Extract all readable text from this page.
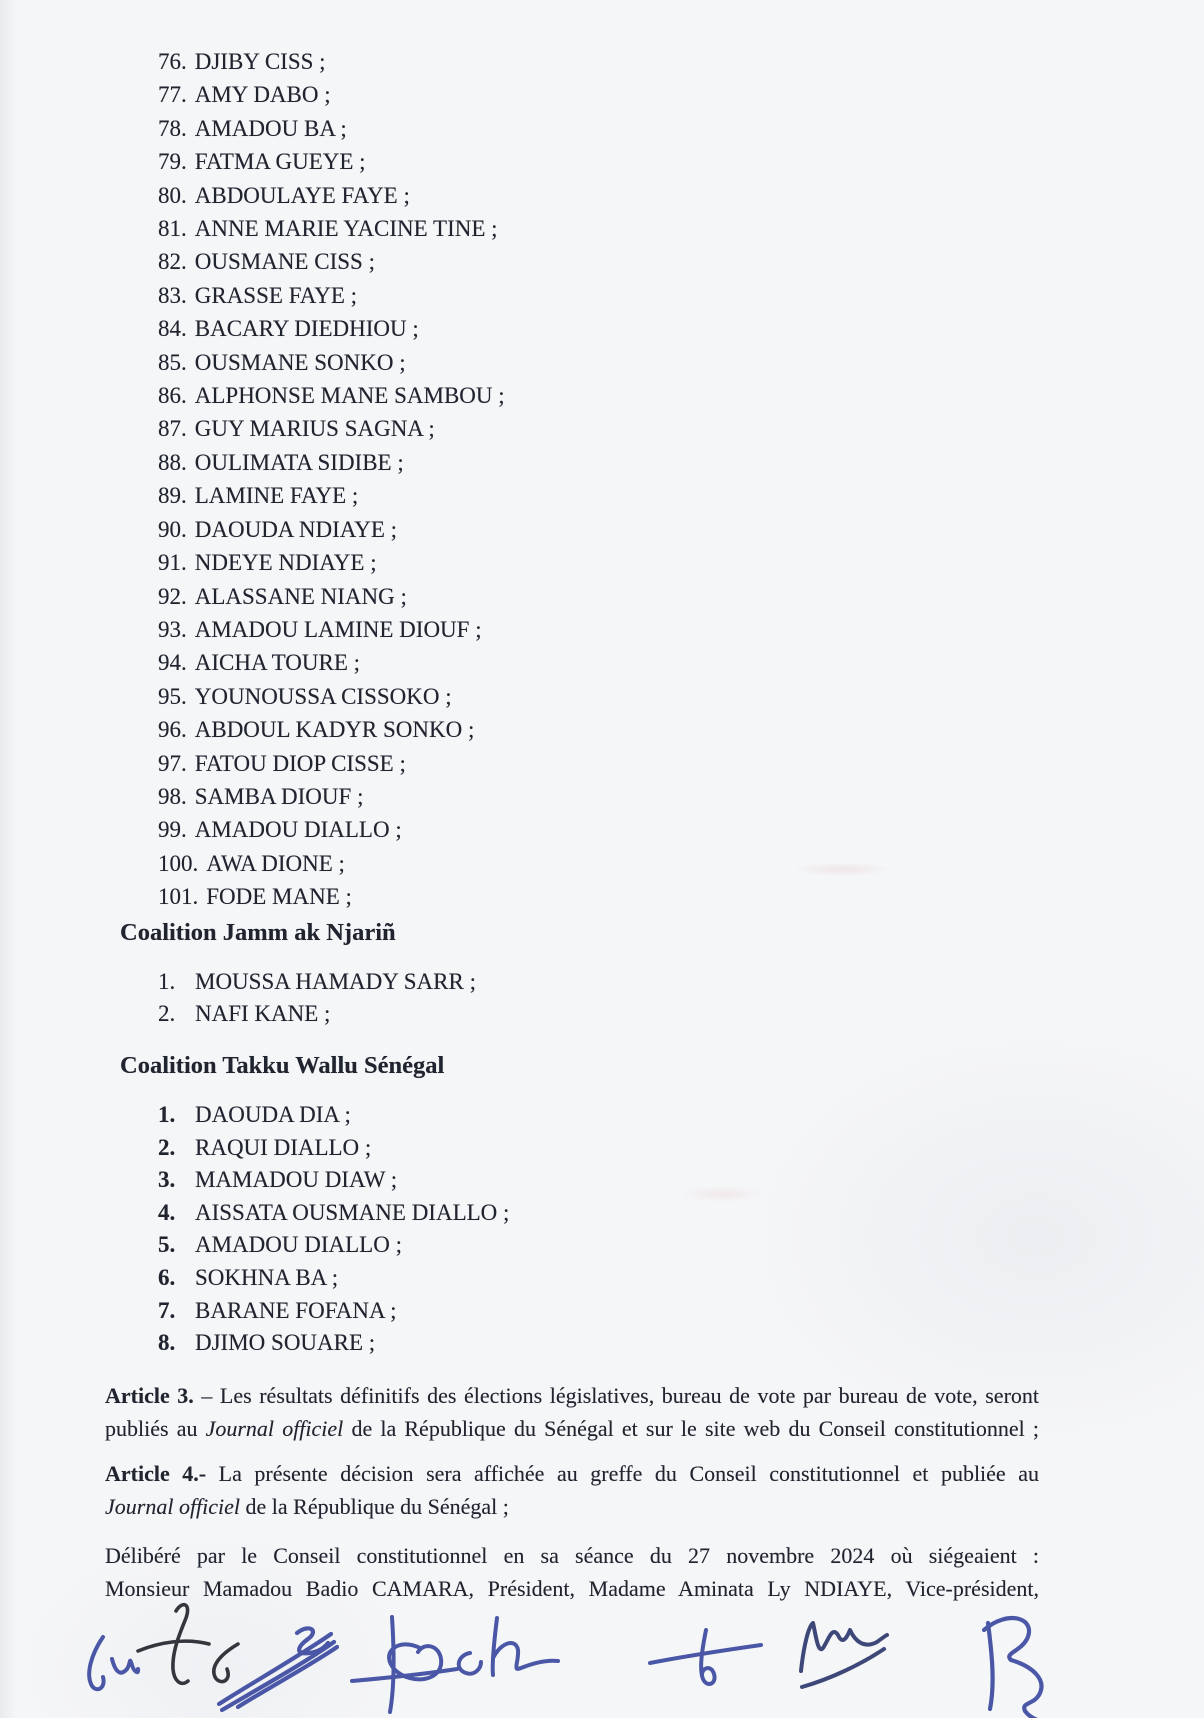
76. DJIBY CISS ;
77. AMY DABO ;
78. AMADOU BA ;
79. FATMA GUEYE ;
80. ABDOULAYE FAYE ;
81. ANNE MARIE YACINE TINE ;
82. OUSMANE CISS ;
83. GRASSE FAYE ;
84. BACARY DIEDHIOU ;
85. OUSMANE SONKO ;
86. ALPHONSE MANE SAMBOU ;
87. GUY MARIUS SAGNA ;
88. OULIMATA SIDIBE ;
89. LAMINE FAYE ;
90. DAOUDA NDIAYE ;
91. NDEYE NDIAYE ;
92. ALASSANE NIANG ;
93. AMADOU LAMINE DIOUF ;
94. AICHA TOURE ;
95. YOUNOUSSA CISSOKO ;
96. ABDOUL KADYR SONKO ;
97. FATOU DIOP CISSE ;
98. SAMBA DIOUF ;
99. AMADOU DIALLO ;
100. AWA DIONE ;
101. FODE MANE ;
Coalition Jamm ak Njariñ
1. MOUSSA HAMADY SARR ;
2. NAFI KANE ;
Coalition Takku Wallu Sénégal
1. DAOUDA DIA ;
2. RAQUI DIALLO ;
3. MAMADOU DIAW ;
4. AISSATA OUSMANE DIALLO ;
5. AMADOU DIALLO ;
6. SOKHNA BA ;
7. BARANE FOFANA ;
8. DJIMO SOUARE ;
Article 3. – Les résultats définitifs des élections législatives, bureau de vote par bureau de vote, seront
publiés au Journal officiel de la République du Sénégal et sur le site web du Conseil constitutionnel ;
Article 4.- La présente décision sera affichée au greffe du Conseil constitutionnel et publiée au
Journal officiel de la République du Sénégal ;
Délibéré par le Conseil constitutionnel en sa séance du 27 novembre 2024 où siégeaient :
Monsieur Mamadou Badio CAMARA, Président, Madame Aminata Ly NDIAYE, Vice-président,
